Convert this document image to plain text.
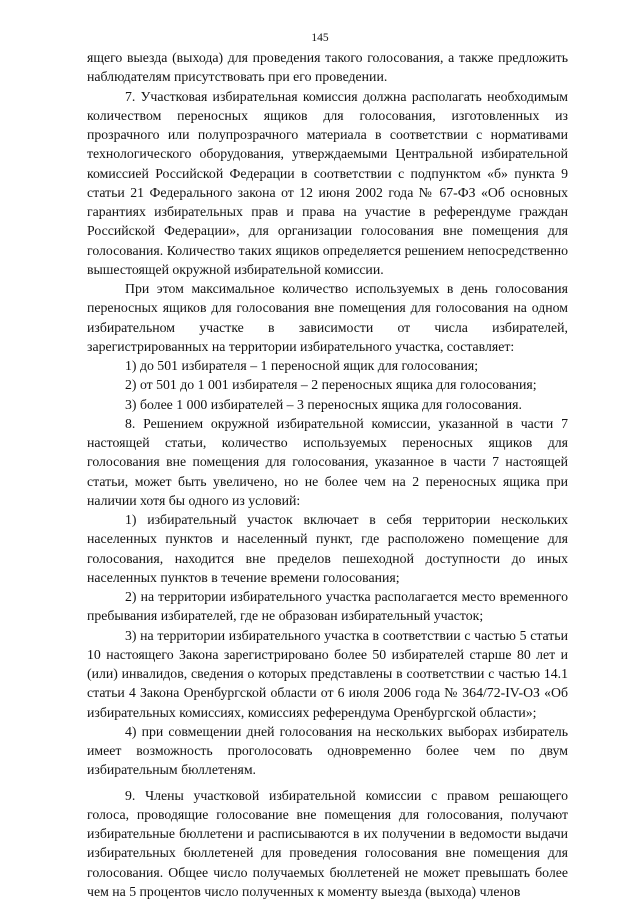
145

ящего выезда (выхода) для проведения такого голосования, а также предложить наблюдателям присутствовать при его проведении.

7. Участковая избирательная комиссия должна располагать необходимым количеством переносных ящиков для голосования, изготовленных из прозрачного или полупрозрачного материала в соответствии с нормативами технологического оборудования, утверждаемыми Центральной избирательной комиссией Российской Федерации в соответствии с подпунктом «б» пункта 9 статьи 21 Федерального закона от 12 июня 2002 года № 67-ФЗ «Об основных гарантиях избирательных прав и права на участие в референдуме граждан Российской Федерации», для организации голосования вне помещения для голосования. Количество таких ящиков определяется решением непосредственно вышестоящей окружной избирательной комиссии.

При этом максимальное количество используемых в день голосования переносных ящиков для голосования вне помещения для голосования на одном избирательном участке в зависимости от числа избирателей, зарегистрированных на территории избирательного участка, составляет:

1) до 501 избирателя – 1 переносной ящик для голосования;

2) от 501 до 1 001 избирателя – 2 переносных ящика для голосования;

3) более 1 000 избирателей – 3 переносных ящика для голосования.

8. Решением окружной избирательной комиссии, указанной в части 7 настоящей статьи, количество используемых переносных ящиков для голосования вне помещения для голосования, указанное в части 7 настоящей статьи, может быть увеличено, но не более чем на 2 переносных ящика при наличии хотя бы одного из условий:

1) избирательный участок включает в себя территории нескольких населенных пунктов и населенный пункт, где расположено помещение для голосования, находится вне пределов пешеходной доступности до иных населенных пунктов в течение времени голосования;

2) на территории избирательного участка располагается место временного пребывания избирателей, где не образован избирательный участок;

3) на территории избирательного участка в соответствии с частью 5 статьи 10 настоящего Закона зарегистрировано более 50 избирателей старше 80 лет и (или) инвалидов, сведения о которых представлены в соответствии с частью 14.1 статьи 4 Закона Оренбургской области от 6 июля 2006 года № 364/72-IV-ОЗ «Об избирательных комиссиях, комиссиях референдума Оренбургской области»;

4) при совмещении дней голосования на нескольких выборах избиратель имеет возможность проголосовать одновременно более чем по двум избирательным бюллетеням.

9. Члены участковой избирательной комиссии с правом решающего голоса, проводящие голосование вне помещения для голосования, получают избирательные бюллетени и расписываются в их получении в ведомости выдачи избирательных бюллетеней для проведения голосования вне помещения для голосования. Общее число получаемых бюллетеней не может превышать более чем на 5 процентов число полученных к моменту выезда (выхода) членов
